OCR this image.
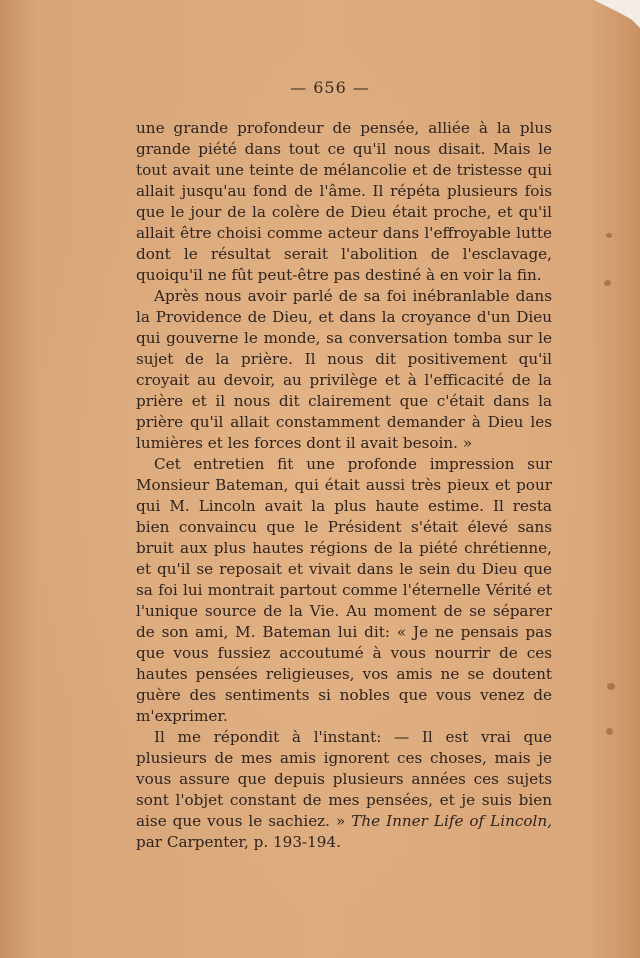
— 656 —

une grande profondeur de pensée, alliée à la plus grande piété dans tout ce qu'il nous disait. Mais le tout avait une teinte de mélancolie et de tristesse qui allait jusqu'au fond de l'âme. Il répéta plusieurs fois que le jour de la colère de Dieu était proche, et qu'il allait être choisi comme acteur dans l'effroyable lutte dont le résultat serait l'abolition de l'esclavage, quoiqu'il ne fût peut-être pas destiné à en voir la fin.

Après nous avoir parlé de sa foi inébranlable dans la Providence de Dieu, et dans la croyance d'un Dieu qui gouverne le monde, sa conversation tomba sur le sujet de la prière. Il nous dit positivement qu'il croyait au devoir, au privilège et à l'efficacité de la prière et il nous dit clairement que c'était dans la prière qu'il allait constamment demander à Dieu les lumières et les forces dont il avait besoin. »

Cet entretien fit une profonde impression sur Monsieur Bateman, qui était aussi très pieux et pour qui M. Lincoln avait la plus haute estime. Il resta bien convaincu que le Président s'était élevé sans bruit aux plus hautes régions de la piété chrétienne, et qu'il se reposait et vivait dans le sein du Dieu que sa foi lui montrait partout comme l'éternelle Vérité et l'unique source de la Vie. Au moment de se séparer de son ami, M. Bateman lui dit: « Je ne pensais pas que vous fussiez accoutumé à vous nourrir de ces hautes pensées religieuses, vos amis ne se doutent guère des sentiments si nobles que vous venez de m'exprimer.

Il me répondit à l'instant: — Il est vrai que plusieurs de mes amis ignorent ces choses, mais je vous assure que depuis plusieurs années ces sujets sont l'objet constant de mes pensées, et je suis bien aise que vous le sachiez. » The Inner Life of Lincoln, par Carpenter, p. 193-194.
